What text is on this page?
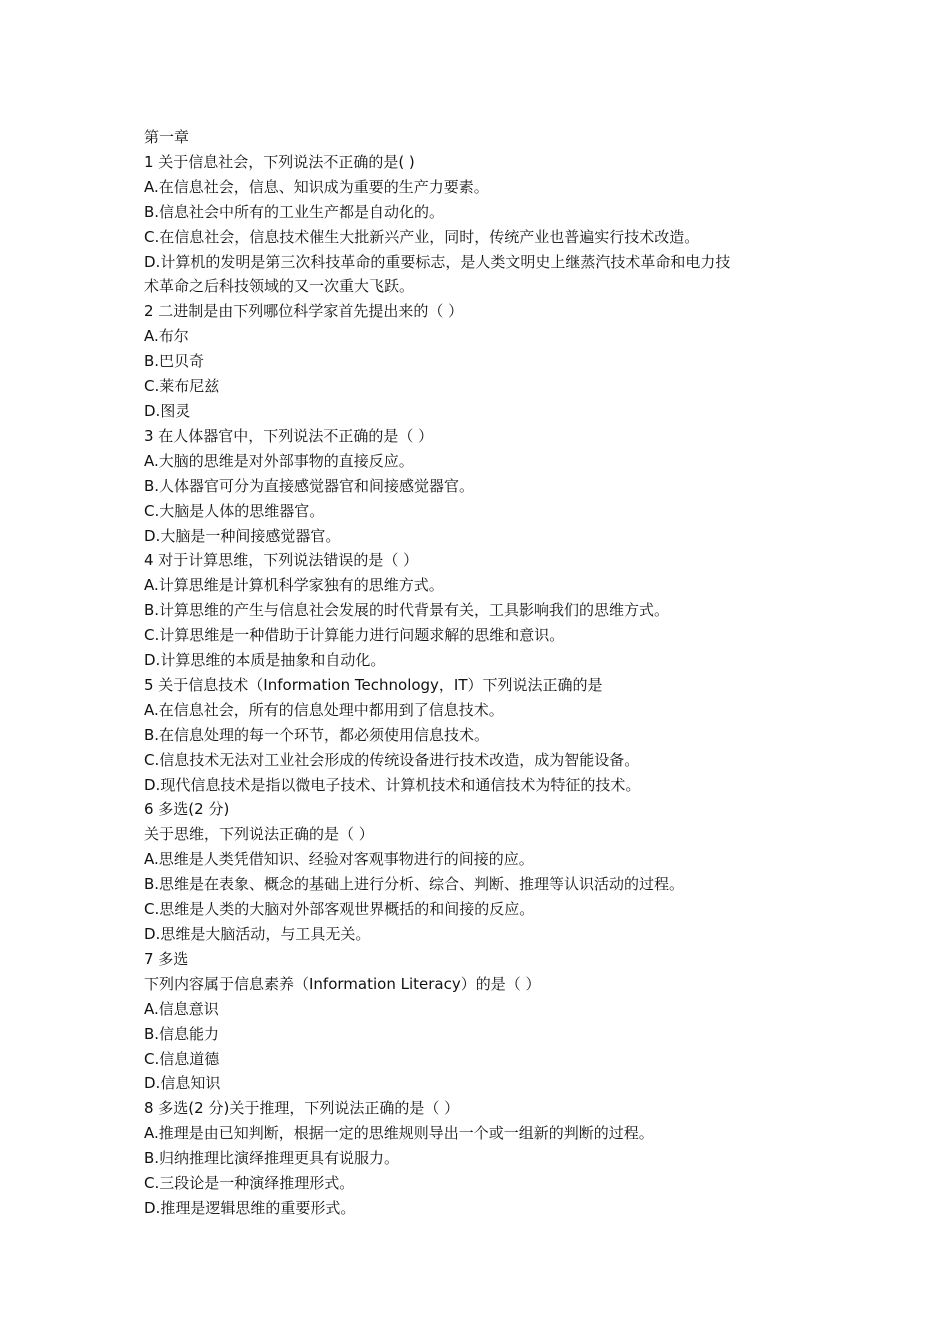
第一章
1 关于信息社会，下列说法不正确的是( )
A.在信息社会，信息、知识成为重要的生产力要素。
B.信息社会中所有的工业生产都是自动化的。
C.在信息社会，信息技术催生大批新兴产业，同时，传统产业也普遍实行技术改造。
D.计算机的发明是第三次科技革命的重要标志，是人类文明史上继蒸汽技术革命和电力技
术革命之后科技领域的又一次重大飞跃。
2 二进制是由下列哪位科学家首先提出来的（ ）
A.布尔
B.巴贝奇
C.莱布尼兹
D.图灵
3 在人体器官中，下列说法不正确的是（ ）
A.大脑的思维是对外部事物的直接反应。
B.人体器官可分为直接感觉器官和间接感觉器官。
C.大脑是人体的思维器官。
D.大脑是一种间接感觉器官。
4 对于计算思维，下列说法错误的是（ ）
A.计算思维是计算机科学家独有的思维方式。
B.计算思维的产生与信息社会发展的时代背景有关，工具影响我们的思维方式。
C.计算思维是一种借助于计算能力进行问题求解的思维和意识。
D.计算思维的本质是抽象和自动化。
5 关于信息技术（Information Technology，IT）下列说法正确的是
A.在信息社会，所有的信息处理中都用到了信息技术。
B.在信息处理的每一个环节，都必须使用信息技术。
C.信息技术无法对工业社会形成的传统设备进行技术改造，成为智能设备。
D.现代信息技术是指以微电子技术、计算机技术和通信技术为特征的技术。
6 多选(2 分)
关于思维，下列说法正确的是（ ）
A.思维是人类凭借知识、经验对客观事物进行的间接的应。
B.思维是在表象、概念的基础上进行分析、综合、判断、推理等认识活动的过程。
C.思维是人类的大脑对外部客观世界概括的和间接的反应。
D.思维是大脑活动，与工具无关。
7 多选
下列内容属于信息素养（Information Literacy）的是（ ）
A.信息意识
B.信息能力
C.信息道德
D.信息知识
8 多选(2 分)关于推理，下列说法正确的是（ ）
A.推理是由已知判断，根据一定的思维规则导出一个或一组新的判断的过程。
B.归纳推理比演绎推理更具有说服力。
C.三段论是一种演绎推理形式。
D.推理是逻辑思维的重要形式。
